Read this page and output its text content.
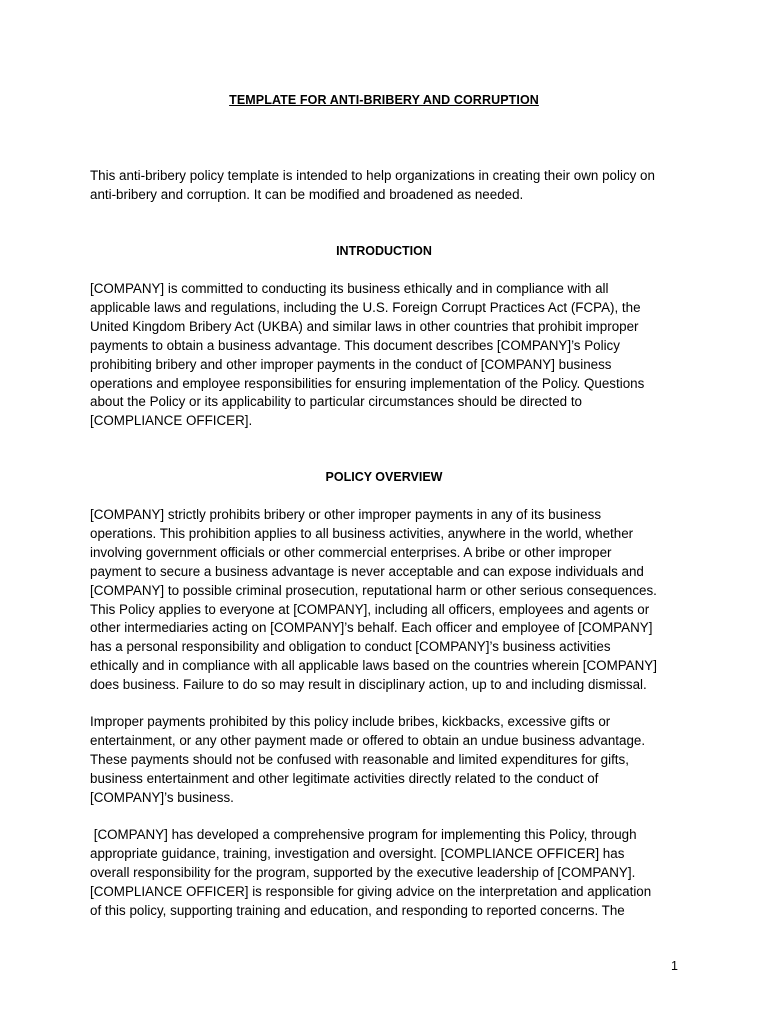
TEMPLATE FOR ANTI-BRIBERY AND CORRUPTION

This anti-bribery policy template is intended to help organizations in creating their own policy on
anti-bribery and corruption. It can be modified and broadened as needed.

INTRODUCTION

[COMPANY] is committed to conducting its business ethically and in compliance with all
applicable laws and regulations, including the U.S. Foreign Corrupt Practices Act (FCPA), the
United Kingdom Bribery Act (UKBA) and similar laws in other countries that prohibit improper
payments to obtain a business advantage. This document describes [COMPANY]’s Policy
prohibiting bribery and other improper payments in the conduct of [COMPANY] business
operations and employee responsibilities for ensuring implementation of the Policy. Questions
about the Policy or its applicability to particular circumstances should be directed to
[COMPLIANCE OFFICER].

POLICY OVERVIEW

[COMPANY] strictly prohibits bribery or other improper payments in any of its business
operations. This prohibition applies to all business activities, anywhere in the world, whether
involving government officials or other commercial enterprises. A bribe or other improper
payment to secure a business advantage is never acceptable and can expose individuals and
[COMPANY] to possible criminal prosecution, reputational harm or other serious consequences.
This Policy applies to everyone at [COMPANY], including all officers, employees and agents or
other intermediaries acting on [COMPANY]’s behalf. Each officer and employee of [COMPANY]
has a personal responsibility and obligation to conduct [COMPANY]’s business activities
ethically and in compliance with all applicable laws based on the countries wherein [COMPANY]
does business. Failure to do so may result in disciplinary action, up to and including dismissal.

Improper payments prohibited by this policy include bribes, kickbacks, excessive gifts or
entertainment, or any other payment made or offered to obtain an undue business advantage.
These payments should not be confused with reasonable and limited expenditures for gifts,
business entertainment and other legitimate activities directly related to the conduct of
[COMPANY]’s business.

[COMPANY] has developed a comprehensive program for implementing this Policy, through
appropriate guidance, training, investigation and oversight. [COMPLIANCE OFFICER] has
overall responsibility for the program, supported by the executive leadership of [COMPANY].
[COMPLIANCE OFFICER] is responsible for giving advice on the interpretation and application
of this policy, supporting training and education, and responding to reported concerns. The

1
